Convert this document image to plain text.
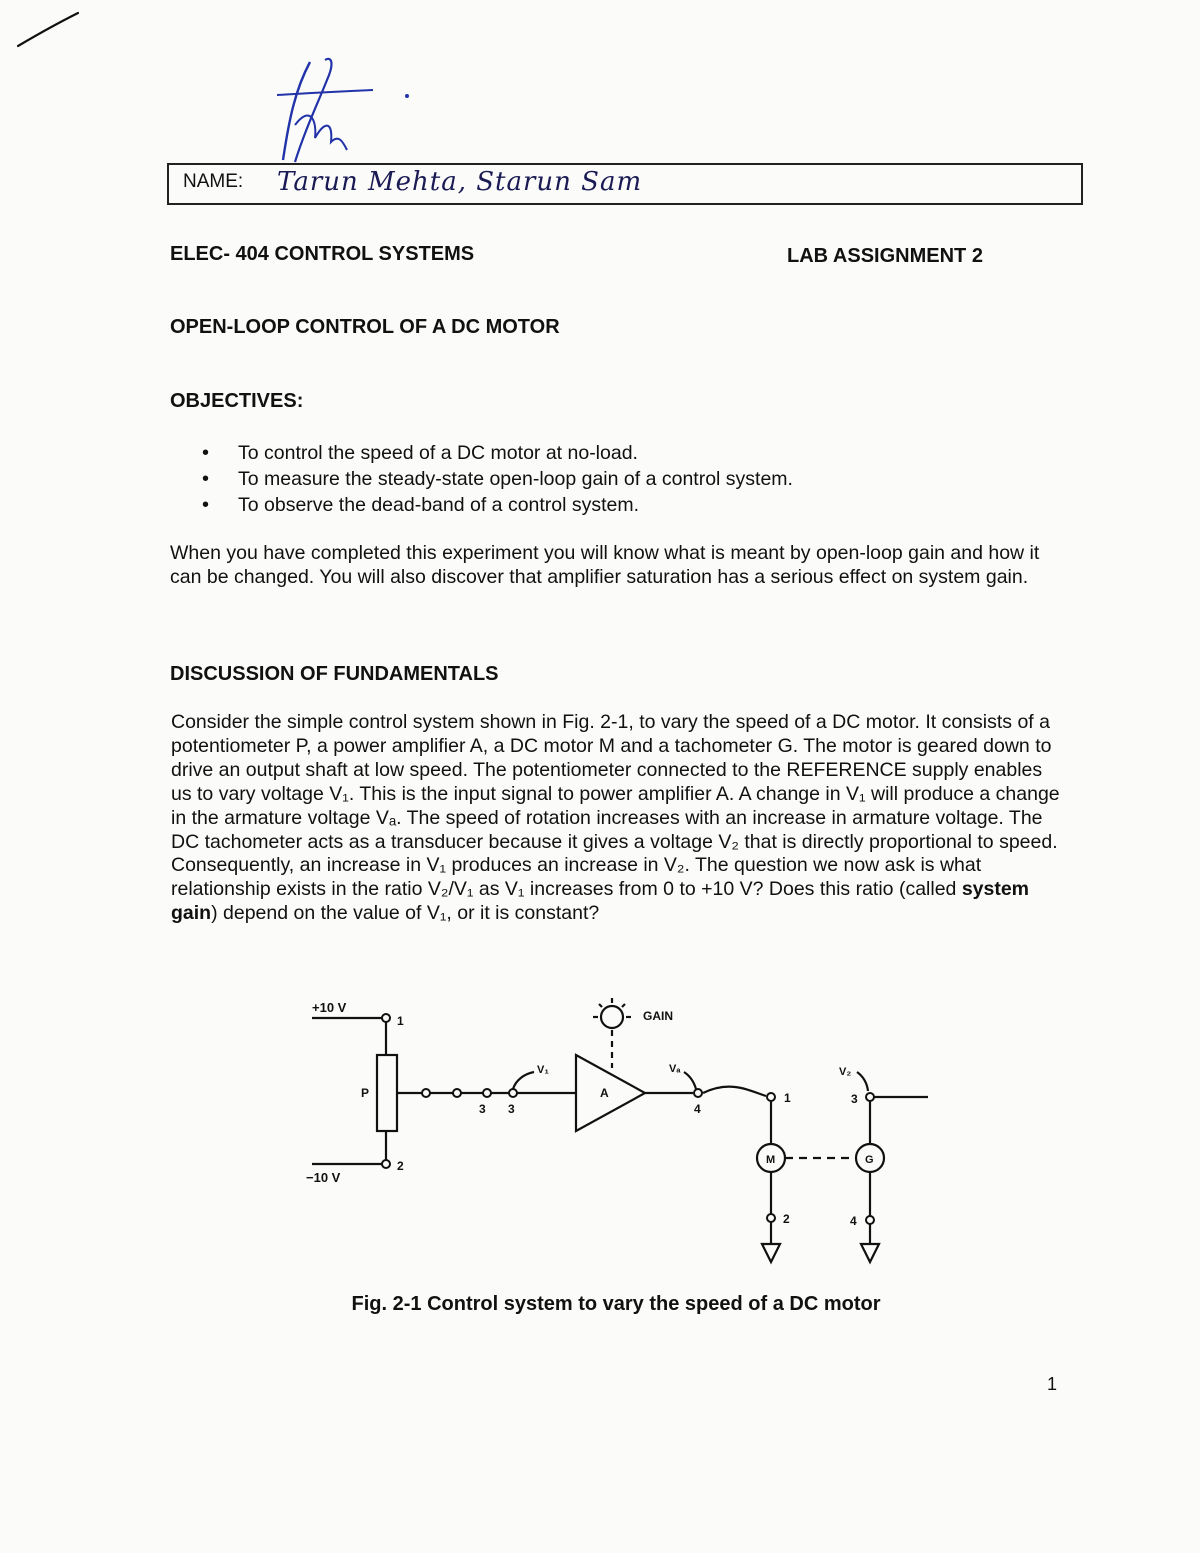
NAME: Tarun Mehta, Starun Sam
ELEC- 404 CONTROL SYSTEMS	LAB ASSIGNMENT 2
OPEN-LOOP CONTROL OF A DC MOTOR
OBJECTIVES:
• To control the speed of a DC motor at no-load.
• To measure the steady-state open-loop gain of a control system.
• To observe the dead-band of a control system.

When you have completed this experiment you will know what is meant by open-loop gain and how it can be changed. You will also discover that amplifier saturation has a serious effect on system gain.

DISCUSSION OF FUNDAMENTALS

Consider the simple control system shown in Fig. 2-1, to vary the speed of a DC motor. It consists of a potentiometer P, a power amplifier A, a DC motor M and a tachometer G. The motor is geared down to drive an output shaft at low speed. The potentiometer connected to the REFERENCE supply enables us to vary voltage V₁. This is the input signal to power amplifier A. A change in V₁ will produce a change in the armature voltage Vₐ. The speed of rotation increases with an increase in armature voltage. The DC tachometer acts as a transducer because it gives a voltage V₂ that is directly proportional to speed. Consequently, an increase in V₁ produces an increase in V₂. The question we now ask is what relationship exists in the ratio V₂/V₁ as V₁ increases from 0 to +10 V? Does this ratio (called system gain) depend on the value of V₁, or it is constant?

+10 V
−10 V
P	A
M	G
GAIN
V₁	Vₐ	V₂
1
2
3 3	4
1
2
3
4
Fig. 2-1 Control system to vary the speed of a DC motor
1
